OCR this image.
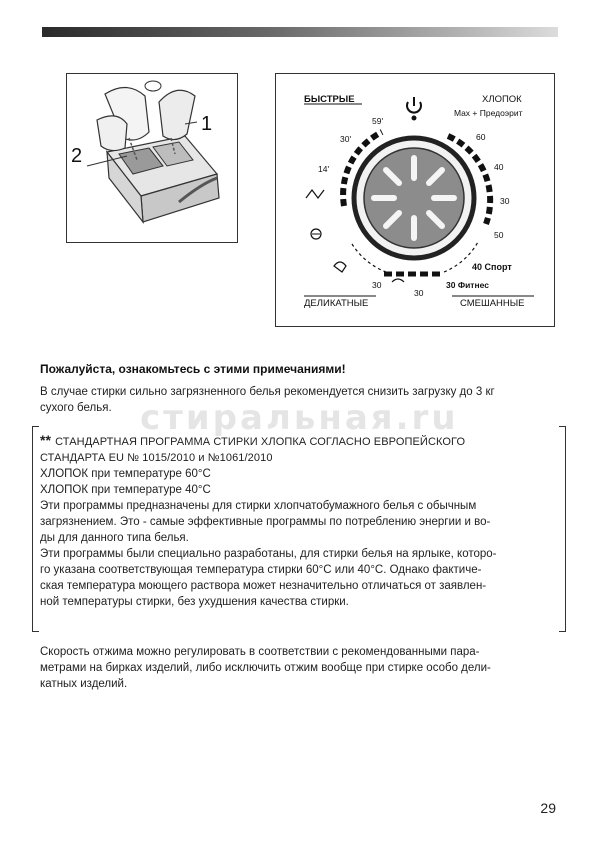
1
2
БЫСТРЫЕ	ХЛОПОК
Max + Предоэрит
ДЕЛИКАТНЫЕ	СМЕШАННЫЕ
40 Спорт
30 Фитнес
59'
30'
14'
60
40
30
50
30
30
Пожалуйста, ознакомьтесь с этими примечаниями!
В случае стирки сильно загрязненного белья рекомендуется снизить загрузку до 3 кг
сухого белья. стиральная.ru
** СТАНДАРТНАЯ ПРОГРАММА СТИРКИ ХЛОПКА СОГЛАСНО ЕВРОПЕЙСКОГО
СТАНДАРТА EU № 1015/2010 и №1061/2010
ХЛОПОК при температуре 60°С
ХЛОПОК при температуре 40°С
Эти программы предназначены для стирки хлопчатобумажного белья с обычным
загрязнением. Это - самые эффективные программы по потреблению энергии и во-
ды для данного типа белья.
Эти программы были специально разработаны, для стирки белья на ярлыке, которо-
го указана соответствующая температура стирки 60°С или 40°С. Однако фактиче-
ская температура моющего раствора может незначительно отличаться от заявлен-
ной температуры стирки, без ухудшения качества стирки.
Скорость отжима можно регулировать в соответствии с рекомендованными пара-
метрами на бирках изделий, либо исключить отжим вообще при стирке особо дели-
катных изделий.
29
